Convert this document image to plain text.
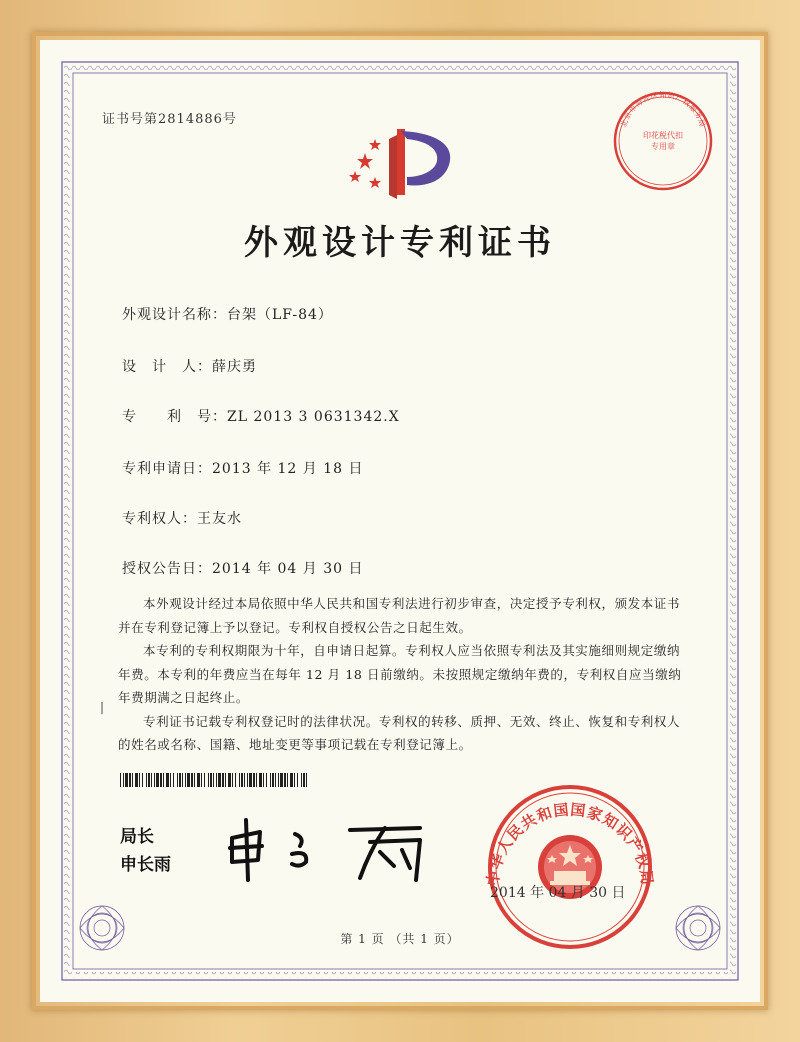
证书号第2814886号	北京市海淀区知识产权服务局
印花税代扣专用章
外观设计专利证书
外观设计名称：台架（LF-84）
设　计　人：薛庆勇
专　　利　号：ZL 2013 3 0631342.X
专利申请日：2013 年 12 月 18 日
专利权人：王友水
授权公告日：2014 年 04 月 30 日

本外观设计经过本局依照中华人民共和国专利法进行初步审查，决定授予专利权，颁发本证书并在专利登记簿上予以登记。专利权自授权公告之日起生效。

本专利的专利权期限为十年，自申请日起算。专利权人应当依照专利法及其实施细则规定缴纳年费。本专利的年费应当在每年 12 月 18 日前缴纳。未按照规定缴纳年费的，专利权自应当缴纳年费期满之日起终止。

专利证书记载专利权登记时的法律状况。专利权的转移、质押、无效、终止、恢复和专利权人的姓名或名称、国籍、地址变更等事项记载在专利登记簿上。

|
局长
申长雨
中华人民共和国国家知识产权局
2014 年 04 月 30 日
第 1 页 （共 1 页）
